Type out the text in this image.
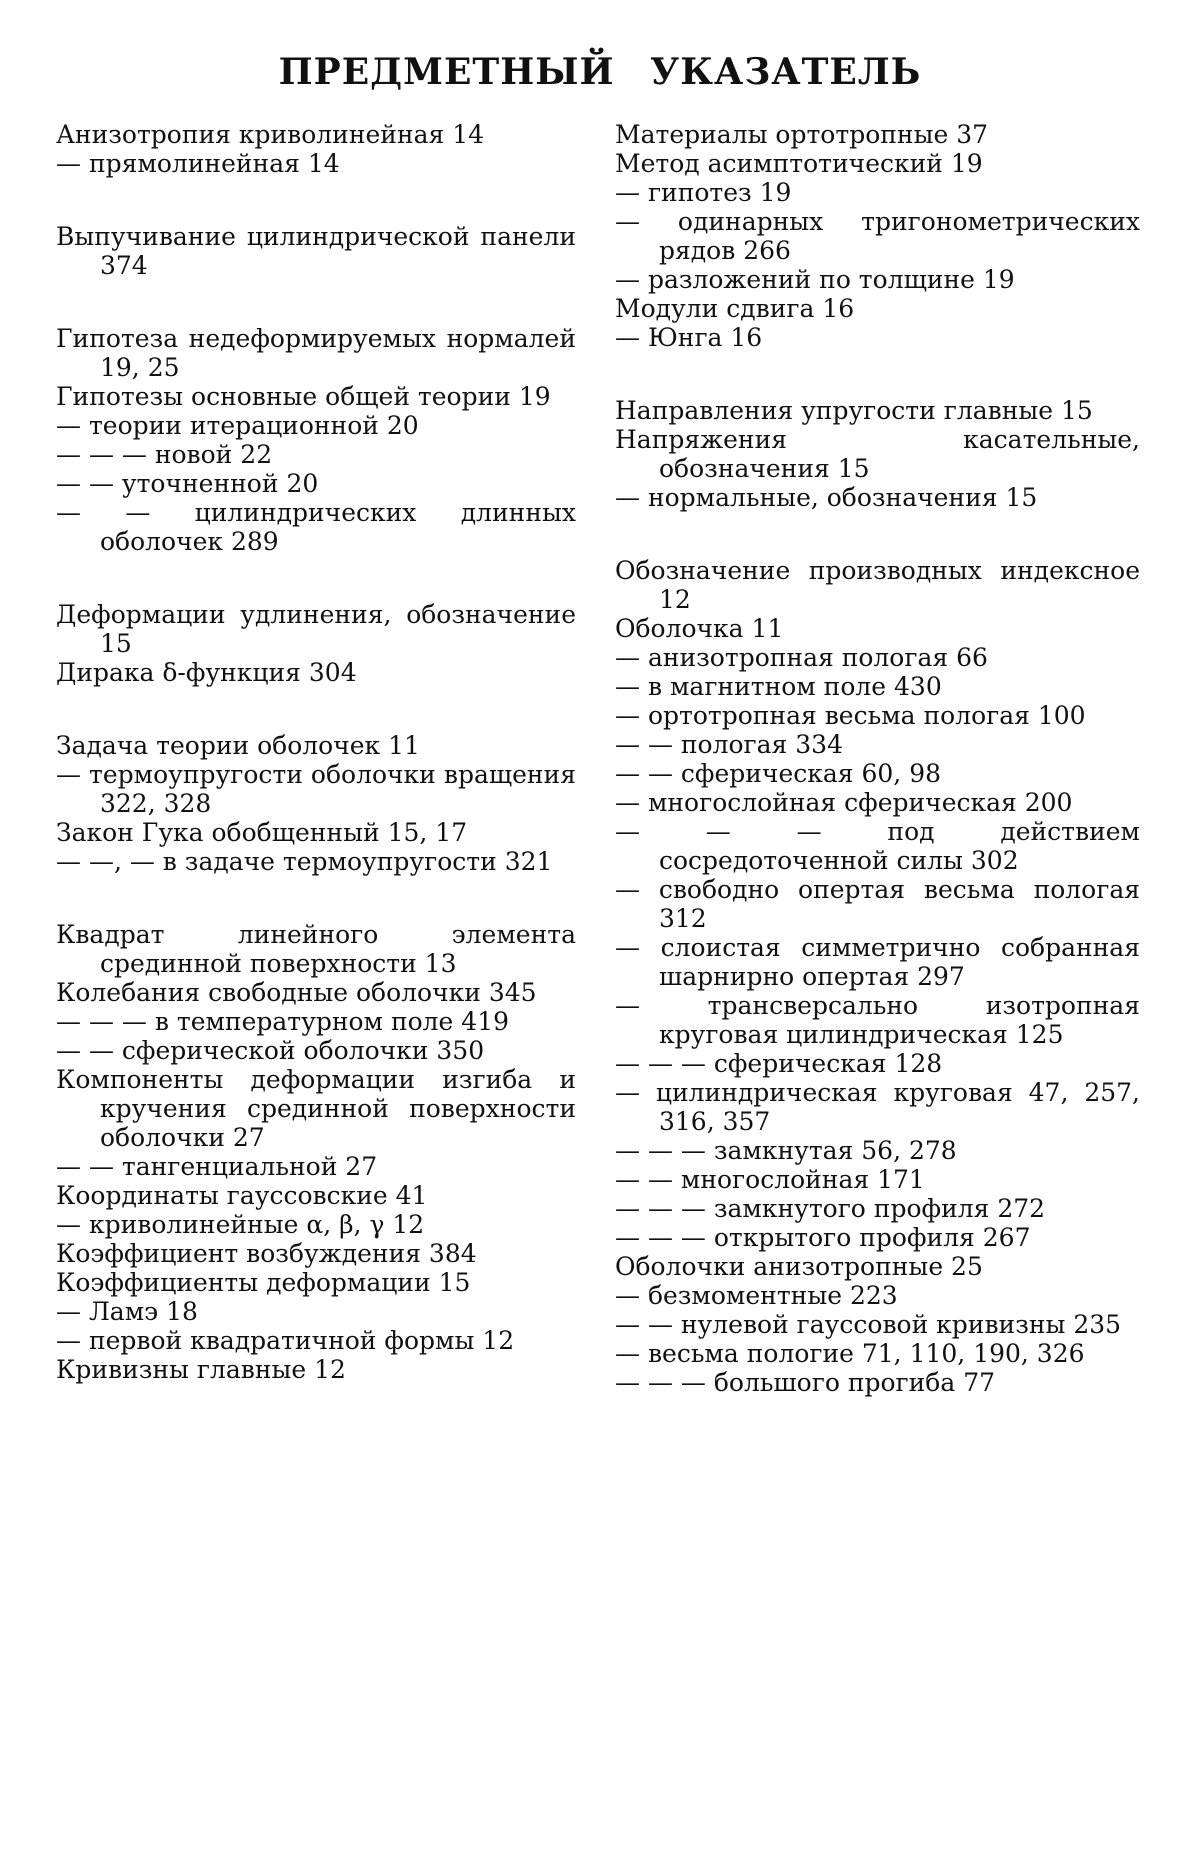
ПРЕДМЕТНЫЙ УКАЗАТЕЛЬ

Анизотропия криволинейная 14

— прямолинейная 14

Выпучивание цилиндрической панели 374

Гипотеза недеформируемых нормалей 19, 25

Гипотезы основные общей теории 19

— теории итерационной 20

— — — новой 22

— — уточненной 20

— — цилиндрических длинных оболочек 289

Деформации удлинения, обозначение 15

Дирака δ-функция 304

Задача теории оболочек 11

— термоупругости оболочки вращения 322, 328

Закон Гука обобщенный 15, 17

— —, — в задаче термоупругости 321

Квадрат линейного элемента срединной поверхности 13

Колебания свободные оболочки 345

— — — в температурном поле 419

— — сферической оболочки 350

Компоненты деформации изгиба и кручения срединной поверхности оболочки 27

— — тангенциальной 27

Координаты гауссовские 41

— криволинейные α, β, γ 12

Коэффициент возбуждения 384

Коэффициенты деформации 15

— Ламэ 18

— первой квадратичной формы 12

Кривизны главные 12

Материалы ортотропные 37

Метод асимптотический 19

— гипотез 19

— одинарных тригонометрических рядов 266

— разложений по толщине 19

Модули сдвига 16

— Юнга 16

Направления упругости главные 15

Напряжения касательные, обозначения 15

— нормальные, обозначения 15

Обозначение производных индексное 12

Оболочка 11

— анизотропная пологая 66

— в магнитном поле 430

— ортотропная весьма пологая 100

— — пологая 334

— — сферическая 60, 98

— многослойная сферическая 200

— — — под действием сосредоточенной силы 302

— свободно опертая весьма пологая 312

— слоистая симметрично собранная шарнирно опертая 297

— трансверсально изотропная круговая цилиндрическая 125

— — — сферическая 128

— цилиндрическая круговая 47, 257, 316, 357

— — — замкнутая 56, 278

— — многослойная 171

— — — замкнутого профиля 272

— — — открытого профиля 267

Оболочки анизотропные 25

— безмоментные 223

— — нулевой гауссовой кривизны 235

— весьма пологие 71, 110, 190, 326

— — — большого прогиба 77
